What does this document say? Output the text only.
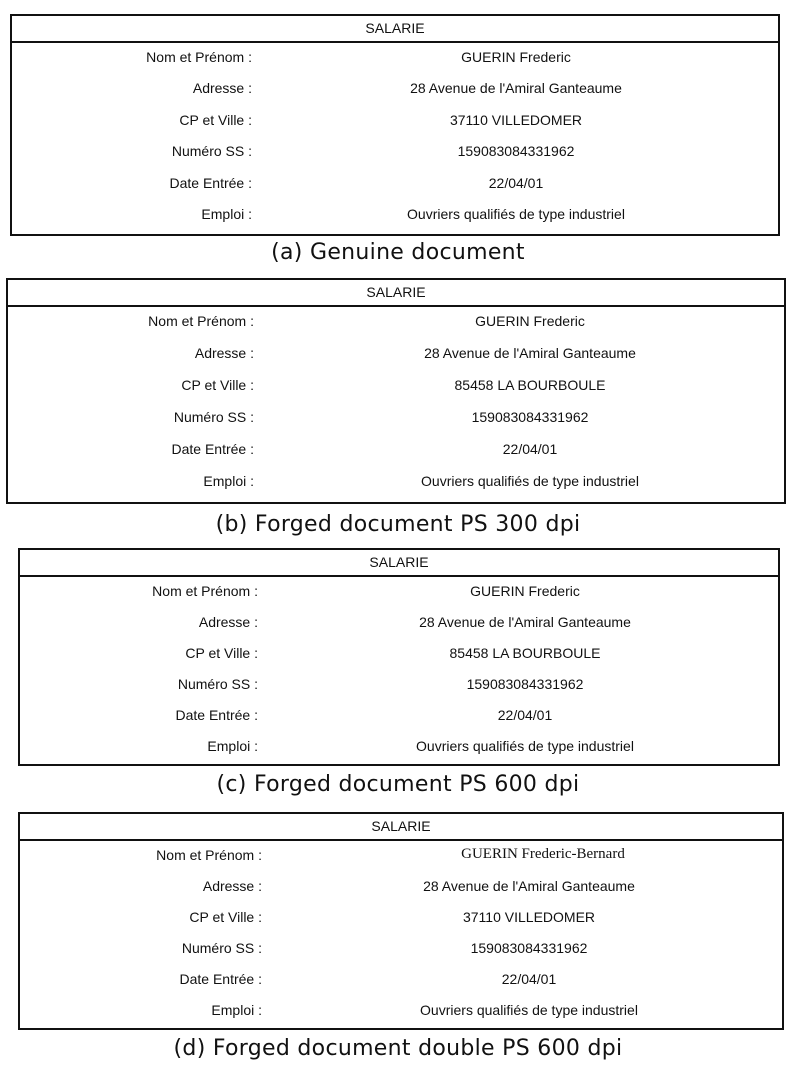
SALARIE
Nom et Prénom :	GUERIN Frederic
Adresse :	28 Avenue de l'Amiral Ganteaume
CP et Ville :	37110 VILLEDOMER
Numéro SS :	159083084331962
Date Entrée :	22/04/01
Emploi :	Ouvriers qualifiés de type industriel
(a) Genuine document
SALARIE
Nom et Prénom :	GUERIN Frederic
Adresse :	28 Avenue de l'Amiral Ganteaume
CP et Ville :	85458 LA BOURBOULE
Numéro SS :	159083084331962
Date Entrée :	22/04/01
Emploi :	Ouvriers qualifiés de type industriel
(b) Forged document PS 300 dpi
SALARIE
Nom et Prénom :	GUERIN Frederic
Adresse :	28 Avenue de l'Amiral Ganteaume
CP et Ville :	85458 LA BOURBOULE
Numéro SS :	159083084331962
Date Entrée :	22/04/01
Emploi :	Ouvriers qualifiés de type industriel
(c) Forged document PS 600 dpi
SALARIE
Nom et Prénom :	GUERIN Frederic-Bernard
Adresse :	28 Avenue de l'Amiral Ganteaume
CP et Ville :	37110 VILLEDOMER
Numéro SS :	159083084331962
Date Entrée :	22/04/01
Emploi :	Ouvriers qualifiés de type industriel
(d) Forged document double PS 600 dpi
